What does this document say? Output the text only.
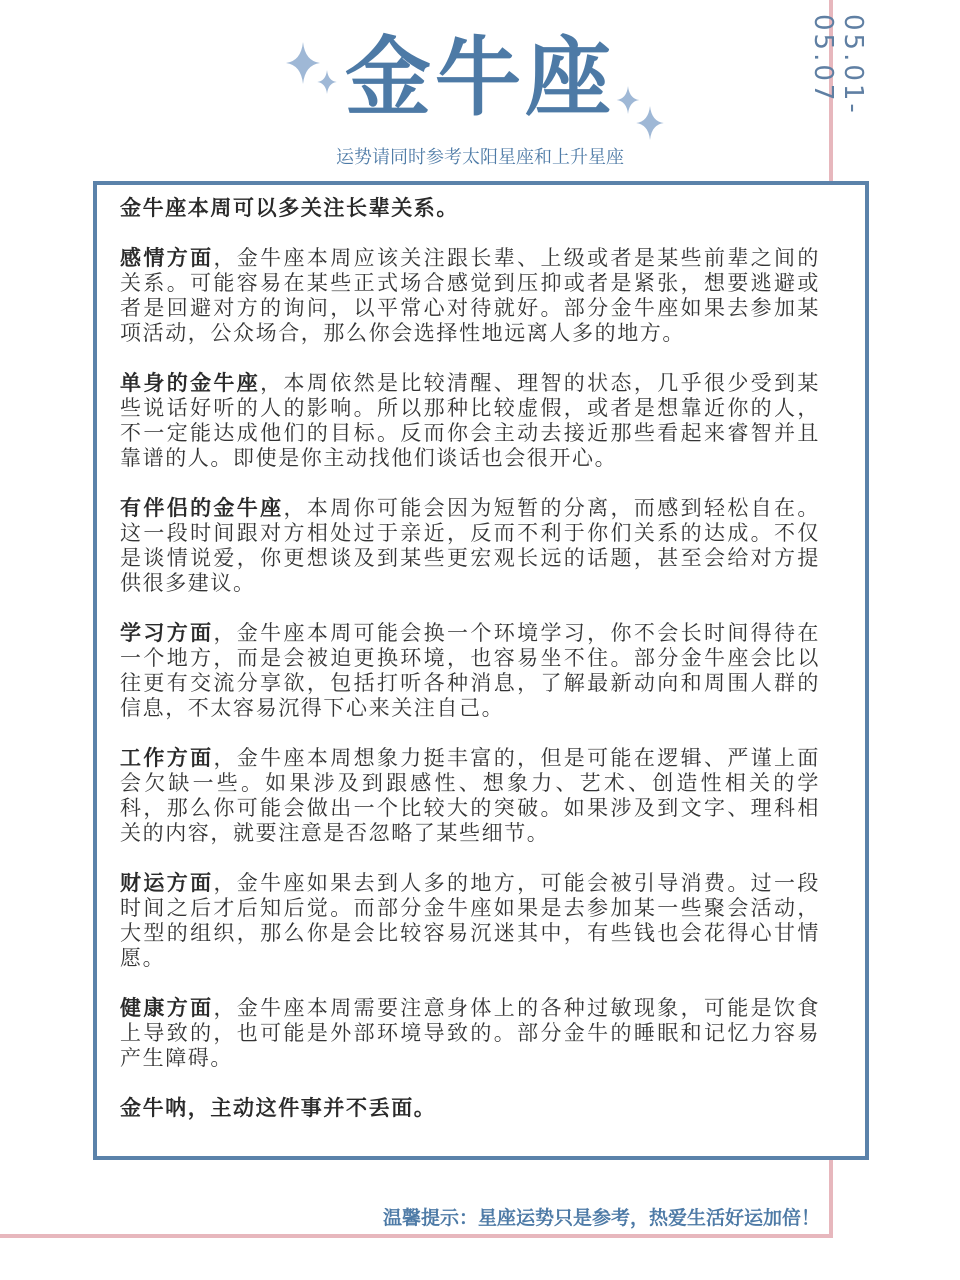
05.01-05.07
金牛座
运势请同时参考太阳星座和上升星座

金牛座本周可以多关注长辈关系。

感情方面，金牛座本周应该关注跟长辈、上级或者是某些前辈之间的关系。可能容易在某些正式场合感觉到压抑或者是紧张，想要逃避或者是回避对方的询问，以平常心对待就好。部分金牛座如果去参加某项活动，公众场合，那么你会选择性地远离人多的地方。

单身的金牛座，本周依然是比较清醒、理智的状态，几乎很少受到某些说话好听的人的影响。所以那种比较虚假，或者是想靠近你的人，不一定能达成他们的目标。反而你会主动去接近那些看起来睿智并且靠谱的人。即使是你主动找他们谈话也会很开心。

有伴侣的金牛座，本周你可能会因为短暂的分离，而感到轻松自在。这一段时间跟对方相处过于亲近，反而不利于你们关系的达成。不仅是谈情说爱，你更想谈及到某些更宏观长远的话题，甚至会给对方提供很多建议。

学习方面，金牛座本周可能会换一个环境学习，你不会长时间得待在一个地方，而是会被迫更换环境，也容易坐不住。部分金牛座会比以往更有交流分享欲，包括打听各种消息，了解最新动向和周围人群的信息，不太容易沉得下心来关注自己。

工作方面，金牛座本周想象力挺丰富的，但是可能在逻辑、严谨上面会欠缺一些。如果涉及到跟感性、想象力、艺术、创造性相关的学科，那么你可能会做出一个比较大的突破。如果涉及到文字、理科相关的内容，就要注意是否忽略了某些细节。

财运方面，金牛座如果去到人多的地方，可能会被引导消费。过一段时间之后才后知后觉。而部分金牛座如果是去参加某一些聚会活动，大型的组织，那么你是会比较容易沉迷其中，有些钱也会花得心甘情愿。

健康方面，金牛座本周需要注意身体上的各种过敏现象，可能是饮食上导致的，也可能是外部环境导致的。部分金牛的睡眠和记忆力容易产生障碍。

金牛呐，主动这件事并不丢面。

温馨提示：星座运势只是参考，热爱生活好运加倍！
